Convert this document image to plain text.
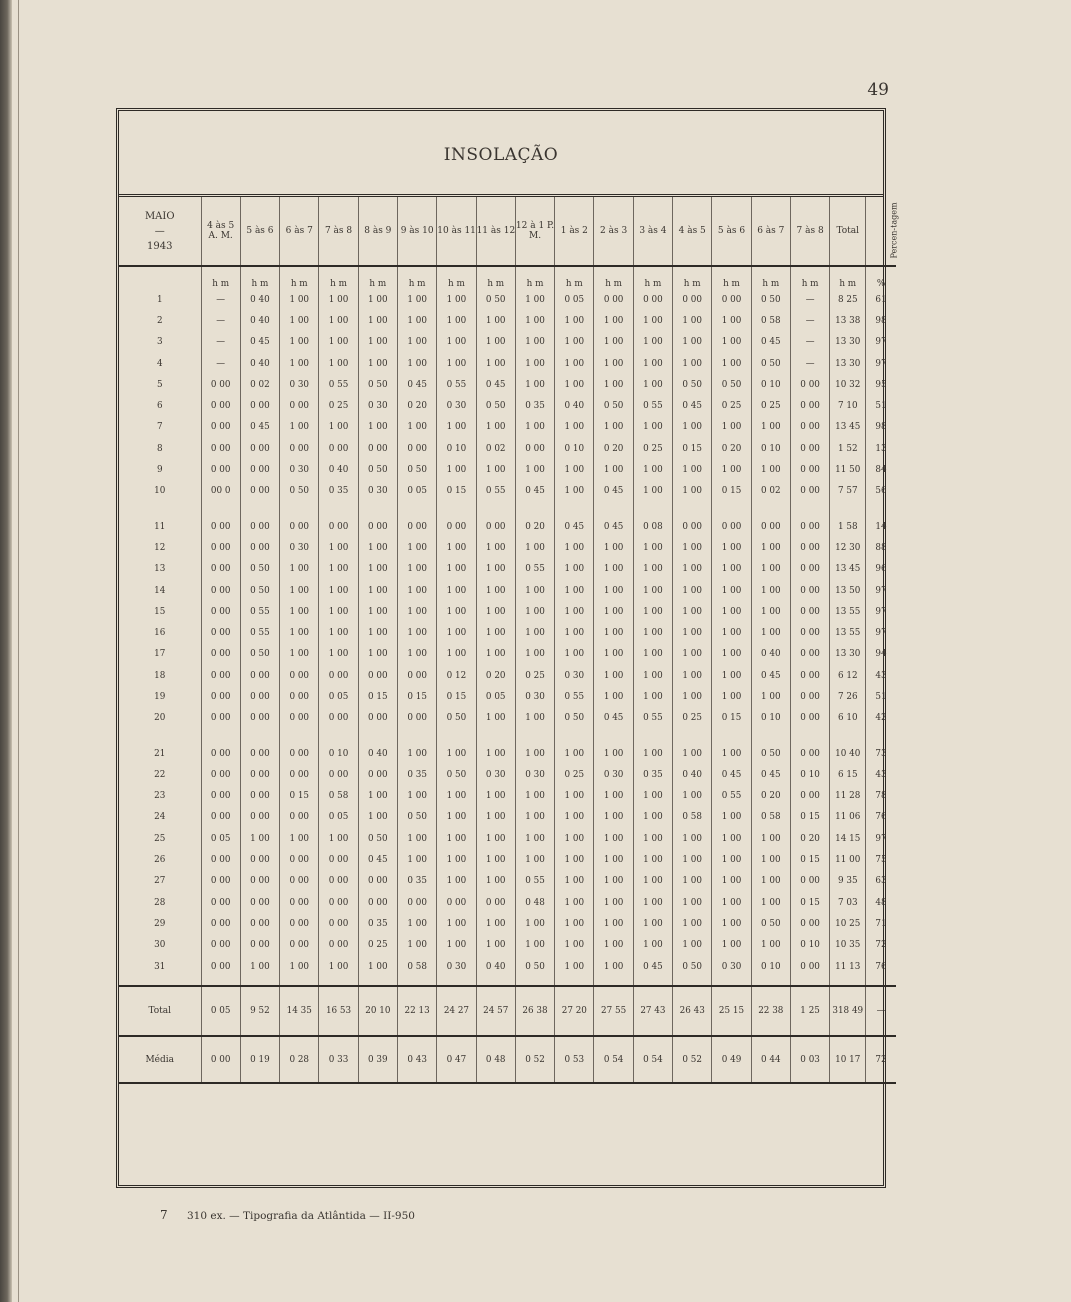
49
INSOLAÇÃO
MAIO
—
1943	4 às 5 A. M.	5 às 6	6 às 7	7 às 8	8 às 9	9 às 10	10 às 11	11 às 12	12 à 1 P. M.	1 às 2	2 às 3	3 às 4	4 às 5	5 às 6	6 às 7	7 às 8	Total	Percen-tagem
	h m	h m	h m	h m	h m	h m	h m	h m	h m	h m	h m	h m	h m	h m	h m	h m	h m	%
1	—	0 40	1 00	1 00	1 00	1 00	1 00	0 50	1 00	0 05	0 00	0 00	0 00	0 00	0 50	—	8 25	61
2	—	0 40	1 00	1 00	1 00	1 00	1 00	1 00	1 00	1 00	1 00	1 00	1 00	1 00	0 58	—	13 38	98
3	—	0 45	1 00	1 00	1 00	1 00	1 00	1 00	1 00	1 00	1 00	1 00	1 00	1 00	0 45	—	13 30	97
4	—	0 40	1 00	1 00	1 00	1 00	1 00	1 00	1 00	1 00	1 00	1 00	1 00	1 00	0 50	—	13 30	97
5	0 00	0 02	0 30	0 55	0 50	0 45	0 55	0 45	1 00	1 00	1 00	1 00	0 50	0 50	0 10	0 00	10 32	95
6	0 00	0 00	0 00	0 25	0 30	0 20	0 30	0 50	0 35	0 40	0 50	0 55	0 45	0 25	0 25	0 00	7 10	51
7	0 00	0 45	1 00	1 00	1 00	1 00	1 00	1 00	1 00	1 00	1 00	1 00	1 00	1 00	1 00	0 00	13 45	98
8	0 00	0 00	0 00	0 00	0 00	0 00	0 10	0 02	0 00	0 10	0 20	0 25	0 15	0 20	0 10	0 00	1 52	13
9	0 00	0 00	0 30	0 40	0 50	0 50	1 00	1 00	1 00	1 00	1 00	1 00	1 00	1 00	1 00	0 00	11 50	84
10	00 0	0 00	0 50	0 35	0 30	0 05	0 15	0 55	0 45	1 00	0 45	1 00	1 00	0 15	0 02	0 00	7 57	56

11	0 00	0 00	0 00	0 00	0 00	0 00	0 00	0 00	0 20	0 45	0 45	0 08	0 00	0 00	0 00	0 00	1 58	14
12	0 00	0 00	0 30	1 00	1 00	1 00	1 00	1 00	1 00	1 00	1 00	1 00	1 00	1 00	1 00	0 00	12 30	88
13	0 00	0 50	1 00	1 00	1 00	1 00	1 00	1 00	0 55	1 00	1 00	1 00	1 00	1 00	1 00	0 00	13 45	96
14	0 00	0 50	1 00	1 00	1 00	1 00	1 00	1 00	1 00	1 00	1 00	1 00	1 00	1 00	1 00	0 00	13 50	97
15	0 00	0 55	1 00	1 00	1 00	1 00	1 00	1 00	1 00	1 00	1 00	1 00	1 00	1 00	1 00	0 00	13 55	97
16	0 00	0 55	1 00	1 00	1 00	1 00	1 00	1 00	1 00	1 00	1 00	1 00	1 00	1 00	1 00	0 00	13 55	97
17	0 00	0 50	1 00	1 00	1 00	1 00	1 00	1 00	1 00	1 00	1 00	1 00	1 00	1 00	0 40	0 00	13 30	94
18	0 00	0 00	0 00	0 00	0 00	0 00	0 12	0 20	0 25	0 30	1 00	1 00	1 00	1 00	0 45	0 00	6 12	43
19	0 00	0 00	0 00	0 05	0 15	0 15	0 15	0 05	0 30	0 55	1 00	1 00	1 00	1 00	1 00	0 00	7 26	51
20	0 00	0 00	0 00	0 00	0 00	0 00	0 50	1 00	1 00	0 50	0 45	0 55	0 25	0 15	0 10	0 00	6 10	42

21	0 00	0 00	0 00	0 10	0 40	1 00	1 00	1 00	1 00	1 00	1 00	1 00	1 00	1 00	0 50	0 00	10 40	73
22	0 00	0 00	0 00	0 00	0 00	0 35	0 50	0 30	0 30	0 25	0 30	0 35	0 40	0 45	0 45	0 10	6 15	43
23	0 00	0 00	0 15	0 58	1 00	1 00	1 00	1 00	1 00	1 00	1 00	1 00	1 00	0 55	0 20	0 00	11 28	78
24	0 00	0 00	0 00	0 05	1 00	0 50	1 00	1 00	1 00	1 00	1 00	1 00	0 58	1 00	0 58	0 15	11 06	76
25	0 05	1 00	1 00	1 00	0 50	1 00	1 00	1 00	1 00	1 00	1 00	1 00	1 00	1 00	1 00	0 20	14 15	97
26	0 00	0 00	0 00	0 00	0 45	1 00	1 00	1 00	1 00	1 00	1 00	1 00	1 00	1 00	1 00	0 15	11 00	75
27	0 00	0 00	0 00	0 00	0 00	0 35	1 00	1 00	0 55	1 00	1 00	1 00	1 00	1 00	1 00	0 00	9 35	63
28	0 00	0 00	0 00	0 00	0 00	0 00	0 00	0 00	0 48	1 00	1 00	1 00	1 00	1 00	1 00	0 15	7 03	48
29	0 00	0 00	0 00	0 00	0 35	1 00	1 00	1 00	1 00	1 00	1 00	1 00	1 00	1 00	0 50	0 00	10 25	71
30	0 00	0 00	0 00	0 00	0 25	1 00	1 00	1 00	1 00	1 00	1 00	1 00	1 00	1 00	1 00	0 10	10 35	72
31	0 00	1 00	1 00	1 00	1 00	0 58	0 30	0 40	0 50	1 00	1 00	0 45	0 50	0 30	0 10	0 00	11 13	76

Total	0 05	9 52	14 35	16 53	20 10	22 13	24 27	24 57	26 38	27 20	27 55	27 43	26 43	25 15	22 38	1 25	318 49	—
Média	0 00	0 19	0 28	0 33	0 39	0 43	0 47	0 48	0 52	0 53	0 54	0 54	0 52	0 49	0 44	0 03	10 17	72
7 310 ex. — Tipografia da Atlântida — II-950
